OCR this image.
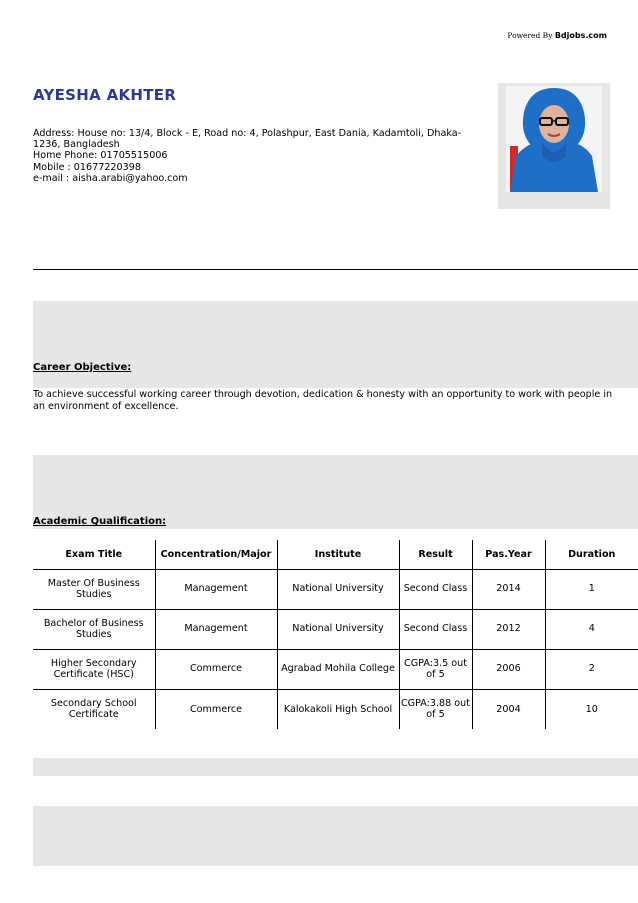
Powered By Bdjobs.com
AYESHA AKHTER
Address: House no: 13/4, Block - E, Road no: 4, Polashpur, East Dania, Kadamtoli, Dhaka-1236, Bangladesh
Home Phone: 01705515006
Mobile : 01677220398
e-mail : aisha.arabi@yahoo.com
Career Objective:
To achieve successful working career through devotion, dedication & honesty with an opportunity to work with people in an environment of excellence.
Academic Qualification:
Exam Title	Concentration/Major	Institute	Result	Pas.Year	Duration
Master Of Business Studies	Management	National University	Second Class	2014	1
Bachelor of Business Studies	Management	National University	Second Class	2012	4
Higher Secondary Certificate (HSC)	Commerce	Agrabad Mohila College	CGPA:3.5 out of 5	2006	2
Secondary School Certificate	Commerce	Kalokakoli High School	CGPA:3.88 out of 5	2004	10
